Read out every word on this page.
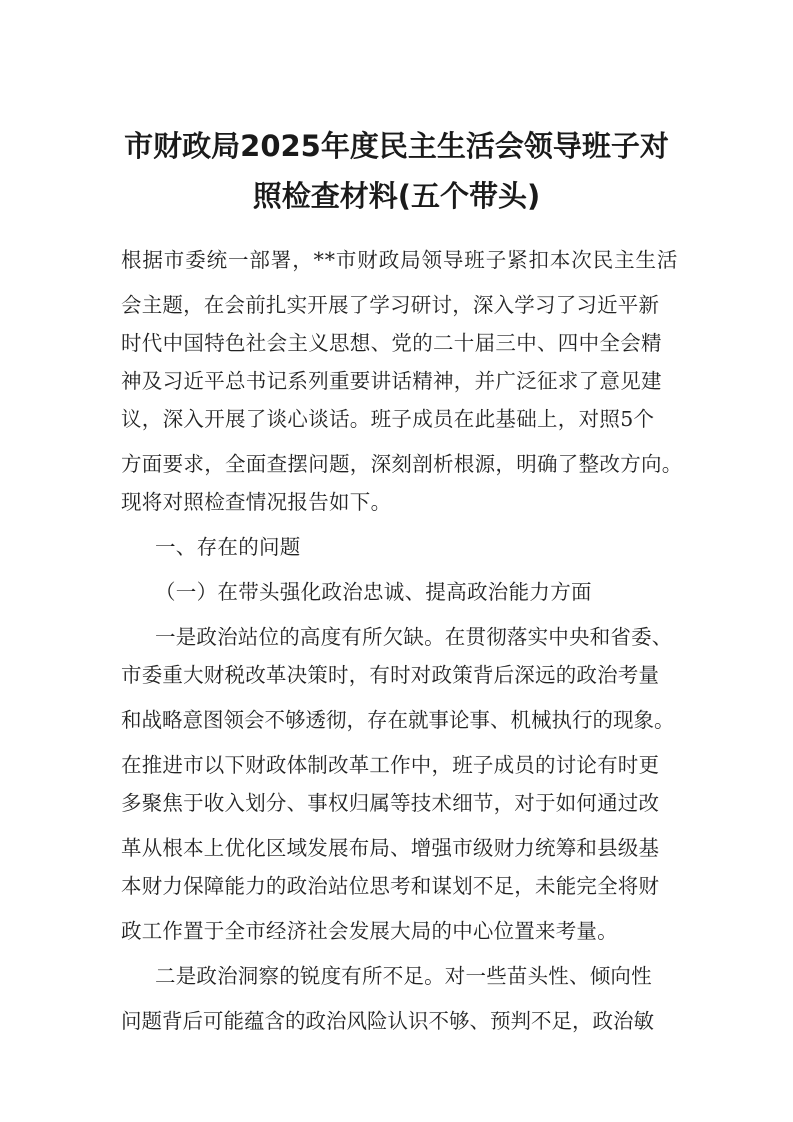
市财政局2025年度民主生活会领导班子对
照检查材料(五个带头)
根据市委统一部署，**市财政局领导班子紧扣本次民主生活
会主题，在会前扎实开展了学习研讨，深入学习了习近平新
时代中国特色社会主义思想、党的二十届三中、四中全会精
神及习近平总书记系列重要讲话精神，并广泛征求了意见建
议，深入开展了谈心谈话。班子成员在此基础上，对照5个
方面要求，全面查摆问题，深刻剖析根源，明确了整改方向。
现将对照检查情况报告如下。
一、存在的问题
（一）在带头强化政治忠诚、提高政治能力方面
一是政治站位的高度有所欠缺。在贯彻落实中央和省委、
市委重大财税改革决策时，有时对政策背后深远的政治考量
和战略意图领会不够透彻，存在就事论事、机械执行的现象。
在推进市以下财政体制改革工作中，班子成员的讨论有时更
多聚焦于收入划分、事权归属等技术细节，对于如何通过改
革从根本上优化区域发展布局、增强市级财力统筹和县级基
本财力保障能力的政治站位思考和谋划不足，未能完全将财
政工作置于全市经济社会发展大局的中心位置来考量。
二是政治洞察的锐度有所不足。对一些苗头性、倾向性
问题背后可能蕴含的政治风险认识不够、预判不足，政治敏
